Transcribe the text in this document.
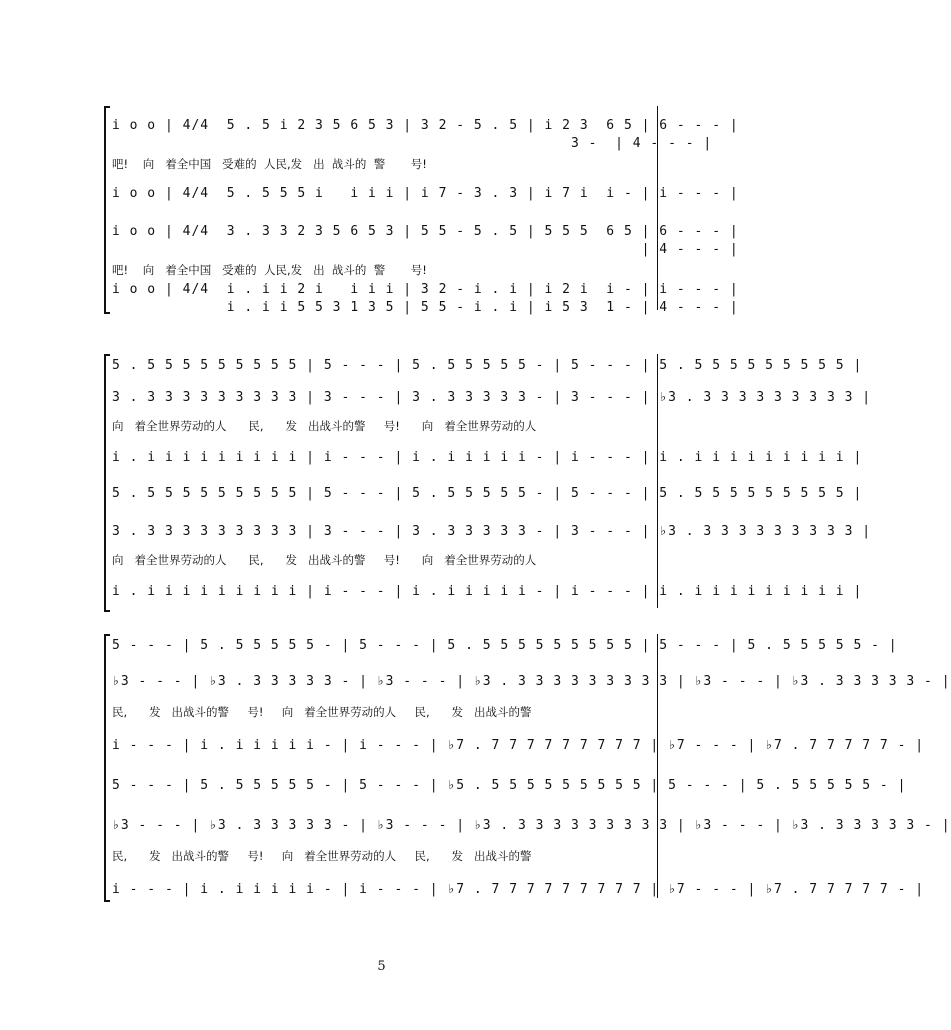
i o o | 4/4  5 . 5 i 2 3 5 6 5 3 | 3 2 - 5 . 5 | i 2 3  6 5 | 6 - - - |
3 -  | 4 - - - |
吧!    向   着全中国   受难的  人民,发   出  战斗的  警       号!
i o o | 4/4  5 . 5 5 5 i   i i i | i 7 - 3 . 3 | i 7 i  i - | i - - - |
i o o | 4/4  3 . 3 3 2 3 5 6 5 3 | 5 5 - 5 . 5 | 5 5 5  6 5 | 6 - - - |
| 4 - - - |
吧!    向   着全中国   受难的  人民,发   出  战斗的  警       号!
i o o | 4/4  i . i i 2 i   i i i | 3 2 - i . i | i 2 i  i - | i - - - |
i . i i 5 5 3 1 3 5 | 5 5 - i . i | i 5 3  1 - | 4 - - - |
5 . 5 5 5 5 5 5 5 5 5 | 5 - - - | 5 . 5 5 5 5 5 - | 5 - - - | 5 . 5 5 5 5 5 5 5 5 5 |
3 . 3 3 3 3 3 3 3 3 3 | 3 - - - | 3 . 3 3 3 3 3 - | 3 - - - | ♭3 . 3 3 3 3 3 3 3 3 3 |
向   着全世界劳动的人      民,      发   出战斗的警     号!      向   着全世界劳动的人
i . i i i i i i i i i | i - - - | i . i i i i i - | i - - - | i . i i i i i i i i i |
5 . 5 5 5 5 5 5 5 5 5 | 5 - - - | 5 . 5 5 5 5 5 - | 5 - - - | 5 . 5 5 5 5 5 5 5 5 5 |
3 . 3 3 3 3 3 3 3 3 3 | 3 - - - | 3 . 3 3 3 3 3 - | 3 - - - | ♭3 . 3 3 3 3 3 3 3 3 3 |
向   着全世界劳动的人      民,      发   出战斗的警     号!      向   着全世界劳动的人
i . i i i i i i i i i | i - - - | i . i i i i i - | i - - - | i . i i i i i i i i i |
5 - - - | 5 . 5 5 5 5 5 - | 5 - - - | 5 . 5 5 5 5 5 5 5 5 5 | 5 - - - | 5 . 5 5 5 5 5 - |
♭3 - - - | ♭3 . 3 3 3 3 3 - | ♭3 - - - | ♭3 . 3 3 3 3 3 3 3 3 3 | ♭3 - - - | ♭3 . 3 3 3 3 3 - |
民,      发   出战斗的警     号!     向   着全世界劳动的人     民,      发   出战斗的警
i - - - | i . i i i i i - | i - - - | ♭7 . 7 7 7 7 7 7 7 7 7 | ♭7 - - - | ♭7 . 7 7 7 7 7 - |
5 - - - | 5 . 5 5 5 5 5 - | 5 - - - | ♭5 . 5 5 5 5 5 5 5 5 5 | 5 - - - | 5 . 5 5 5 5 5 - |
♭3 - - - | ♭3 . 3 3 3 3 3 - | ♭3 - - - | ♭3 . 3 3 3 3 3 3 3 3 3 | ♭3 - - - | ♭3 . 3 3 3 3 3 - |
民,      发   出战斗的警     号!     向   着全世界劳动的人     民,      发   出战斗的警
i - - - | i . i i i i i - | i - - - | ♭7 . 7 7 7 7 7 7 7 7 7 | ♭7 - - - | ♭7 . 7 7 7 7 7 - |
5
